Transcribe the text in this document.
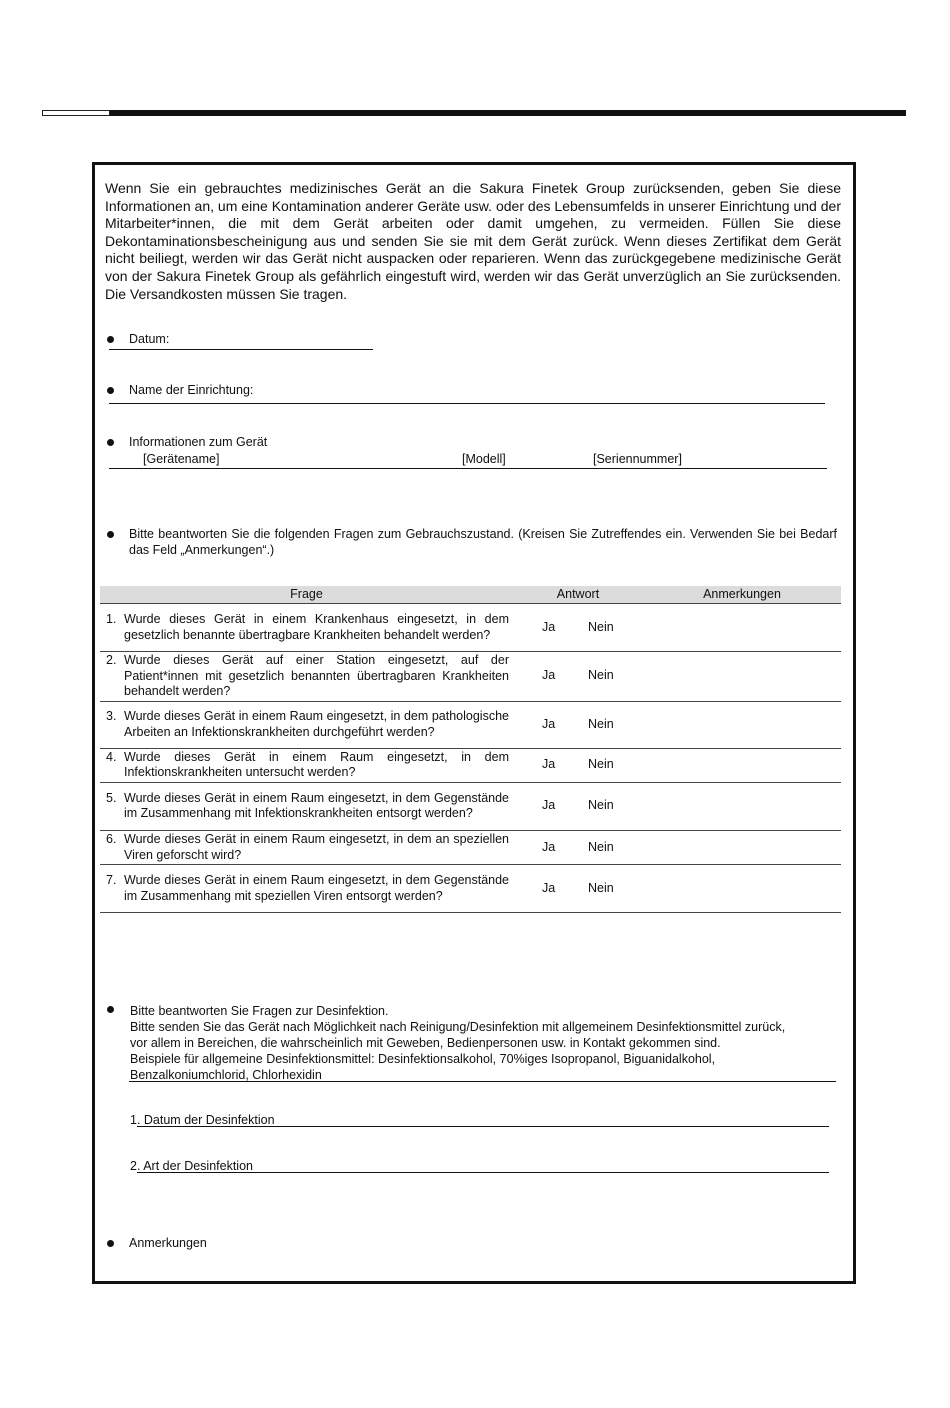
Wenn Sie ein gebrauchtes medizinisches Gerät an die Sakura Finetek Group zurücksenden, geben Sie diese Informationen an, um eine Kontamination anderer Geräte usw. oder des Lebensumfelds in unserer Einrichtung und der Mitarbeiter*innen, die mit dem Gerät arbeiten oder damit umgehen, zu vermeiden. Füllen Sie diese Dekontaminationsbescheinigung aus und senden Sie sie mit dem Gerät zurück. Wenn dieses Zertifikat dem Gerät nicht beiliegt, werden wir das Gerät nicht auspacken oder reparieren. Wenn das zurückgegebene medizinische Gerät von der Sakura Finetek Group als gefährlich eingestuft wird, werden wir das Gerät unverzüglich an Sie zurücksenden. Die Versandkosten müssen Sie tragen.
Datum:
Name der Einrichtung:
Informationen zum Gerät
[Gerätename]	[Modell]	[Seriennummer]
Bitte beantworten Sie die folgenden Fragen zum Gebrauchszustand. (Kreisen Sie Zutreffendes ein. Verwenden Sie bei Bedarf das Feld „Anmerkungen“.)
Frage	Antwort	Anmerkungen

1. Wurde dieses Gerät in einem Krankenhaus eingesetzt, in dem gesetzlich benannte übertragbare Krankheiten behandelt werden?	Ja Nein	

2. Wurde dieses Gerät auf einer Station eingesetzt, auf der Patient*innen mit gesetzlich benannten übertragbaren Krankheiten behandelt werden?	Ja Nein	

3. Wurde dieses Gerät in einem Raum eingesetzt, in dem pathologische Arbeiten an Infektionskrankheiten durchgeführt werden?	Ja Nein	

4. Wurde dieses Gerät in einem Raum eingesetzt, in dem Infektionskrankheiten untersucht werden?	Ja Nein	

5. Wurde dieses Gerät in einem Raum eingesetzt, in dem Gegenstände im Zusammenhang mit Infektionskrankheiten entsorgt werden?	Ja Nein	

6. Wurde dieses Gerät in einem Raum eingesetzt, in dem an speziellen Viren geforscht wird?	Ja Nein	

7. Wurde dieses Gerät in einem Raum eingesetzt, in dem Gegenstände im Zusammenhang mit speziellen Viren entsorgt werden?	Ja Nein	

Bitte beantworten Sie Fragen zur Desinfektion.
Bitte senden Sie das Gerät nach Möglichkeit nach Reinigung/Desinfektion mit allgemeinem Desinfektionsmittel zurück,
vor allem in Bereichen, die wahrscheinlich mit Geweben, Bedienpersonen usw. in Kontakt gekommen sind.
Beispiele für allgemeine Desinfektionsmittel: Desinfektionsalkohol, 70%iges Isopropanol, Biguanidalkohol,
Benzalkoniumchlorid, Chlorhexidin
1. Datum der Desinfektion
2. Art der Desinfektion
Anmerkungen
